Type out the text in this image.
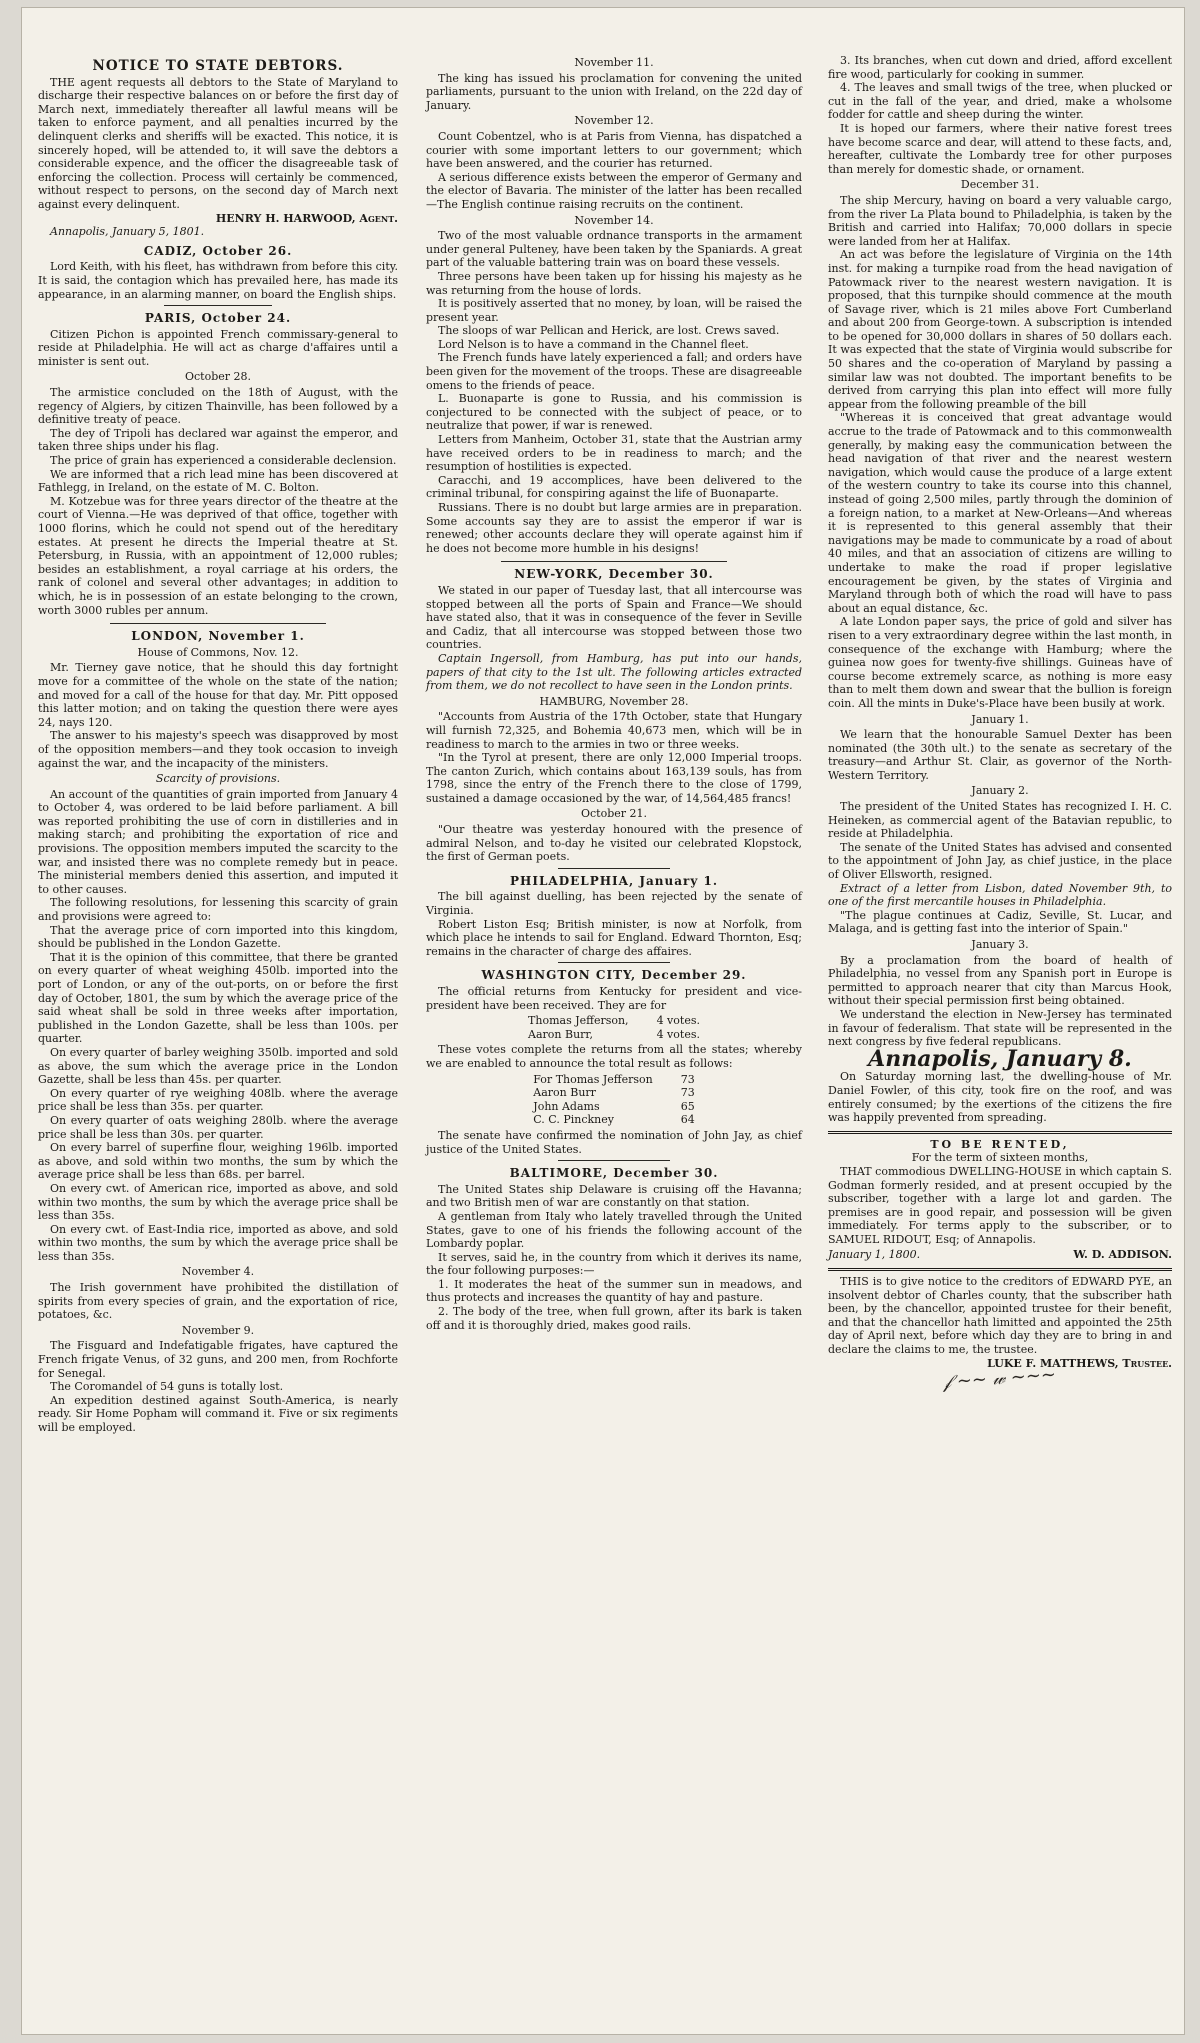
NOTICE TO STATE DEBTORS.

THE agent requests all debtors to the State of Maryland to discharge their respective balances on or before the first day of March next, immediately thereafter all lawful means will be taken to enforce payment, and all penalties incurred by the delinquent clerks and sheriffs will be exacted. This notice, it is sincerely hoped, will be attended to, it will save the debtors a considerable expence, and the officer the disagreeable task of enforcing the collection. Process will certainly be commenced, without respect to persons, on the second day of March next against every delinquent.

HENRY H. HARWOOD, Agent.

Annapolis, January 5, 1801.

CADIZ, October 26.

Lord Keith, with his fleet, has withdrawn from before this city. It is said, the contagion which has prevailed here, has made its appearance, in an alarming manner, on board the English ships.

PARIS, October 24.

Citizen Pichon is appointed French commissary-general to reside at Philadelphia. He will act as charge d'affaires until a minister is sent out.

October 28.

The armistice concluded on the 18th of August, with the regency of Algiers, by citizen Thainville, has been followed by a definitive treaty of peace.

The dey of Tripoli has declared war against the emperor, and taken three ships under his flag.

The price of grain has experienced a considerable declension.

We are informed that a rich lead mine has been discovered at Fathlegg, in Ireland, on the estate of M. C. Bolton.

M. Kotzebue was for three years director of the theatre at the court of Vienna.—He was deprived of that office, together with 1000 florins, which he could not spend out of the hereditary estates. At present he directs the Imperial theatre at St. Petersburg, in Russia, with an appointment of 12,000 rubles; besides an establishment, a royal carriage at his orders, the rank of colonel and several other advantages; in addition to which, he is in possession of an estate belonging to the crown, worth 3000 rubles per annum.

LONDON, November 1.
House of Commons, Nov. 12.

Mr. Tierney gave notice, that he should this day fortnight move for a committee of the whole on the state of the nation; and moved for a call of the house for that day. Mr. Pitt opposed this latter motion; and on taking the question there were ayes 24, nays 120.

The answer to his majesty's speech was disapproved by most of the opposition members—and they took occasion to inveigh against the war, and the incapacity of the ministers.

Scarcity of provisions.

An account of the quantities of grain imported from January 4 to October 4, was ordered to be laid before parliament. A bill was reported prohibiting the use of corn in distilleries and in making starch; and prohibiting the exportation of rice and provisions. The opposition members imputed the scarcity to the war, and insisted there was no complete remedy but in peace. The ministerial members denied this assertion, and imputed it to other causes.

The following resolutions, for lessening this scarcity of grain and provisions were agreed to:

That the average price of corn imported into this kingdom, should be published in the London Gazette.

That it is the opinion of this committee, that there be granted on every quarter of wheat weighing 450lb. imported into the port of London, or any of the out-ports, on or before the first day of October, 1801, the sum by which the average price of the said wheat shall be sold in three weeks after importation, published in the London Gazette, shall be less than 100s. per quarter.

On every quarter of barley weighing 350lb. imported and sold as above, the sum which the average price in the London Gazette, shall be less than 45s. per quarter.

On every quarter of rye weighing 408lb. where the average price shall be less than 35s. per quarter.

On every quarter of oats weighing 280lb. where the average price shall be less than 30s. per quarter.

On every barrel of superfine flour, weighing 196lb. imported as above, and sold within two months, the sum by which the average price shall be less than 68s. per barrel.

On every cwt. of American rice, imported as above, and sold within two months, the sum by which the average price shall be less than 35s.

On every cwt. of East-India rice, imported as above, and sold within two months, the sum by which the average price shall be less than 35s.

November 4.

The Irish government have prohibited the distillation of spirits from every species of grain, and the exportation of rice, potatoes, &c.

November 9.

The Fisguard and Indefatigable frigates, have captured the French frigate Venus, of 32 guns, and 200 men, from Rochforte for Senegal.

The Coromandel of 54 guns is totally lost.

An expedition destined against South-America, is nearly ready. Sir Home Popham will command it. Five or six regiments will be employed.

November 11.

The king has issued his proclamation for convening the united parliaments, pursuant to the union with Ireland, on the 22d day of January.

November 12.

Count Cobentzel, who is at Paris from Vienna, has dispatched a courier with some important letters to our government; which have been answered, and the courier has returned.

A serious difference exists between the emperor of Germany and the elector of Bavaria. The minister of the latter has been recalled—The English continue raising recruits on the continent.

November 14.

Two of the most valuable ordnance transports in the armament under general Pulteney, have been taken by the Spaniards. A great part of the valuable battering train was on board these vessels.

Three persons have been taken up for hissing his majesty as he was returning from the house of lords.

It is positively asserted that no money, by loan, will be raised the present year.

The sloops of war Pellican and Herick, are lost. Crews saved.

Lord Nelson is to have a command in the Channel fleet.

The French funds have lately experienced a fall; and orders have been given for the movement of the troops. These are disagreeable omens to the friends of peace.

L. Buonaparte is gone to Russia, and his commission is conjectured to be connected with the subject of peace, or to neutralize that power, if war is renewed.

Letters from Manheim, October 31, state that the Austrian army have received orders to be in readiness to march; and the resumption of hostilities is expected.

Caracchi, and 19 accomplices, have been delivered to the criminal tribunal, for conspiring against the life of Buonaparte.

Russians. There is no doubt but large armies are in preparation. Some accounts say they are to assist the emperor if war is renewed; other accounts declare they will operate against him if he does not become more humble in his designs!

NEW-YORK, December 30.

We stated in our paper of Tuesday last, that all intercourse was stopped between all the ports of Spain and France—We should have stated also, that it was in consequence of the fever in Seville and Cadiz, that all intercourse was stopped between those two countries.

Captain Ingersoll, from Hamburg, has put into our hands, papers of that city to the 1st ult. The following articles extracted from them, we do not recollect to have seen in the London prints.

HAMBURG, November 28.

"Accounts from Austria of the 17th October, state that Hungary will furnish 72,325, and Bohemia 40,673 men, which will be in readiness to march to the armies in two or three weeks.

"In the Tyrol at present, there are only 12,000 Imperial troops. The canton Zurich, which contains about 163,139 souls, has from 1798, since the entry of the French there to the close of 1799, sustained a damage occasioned by the war, of 14,564,485 francs!

October 21.

"Our theatre was yesterday honoured with the presence of admiral Nelson, and to-day he visited our celebrated Klopstock, the first of German poets.

PHILADELPHIA, January 1.

The bill against duelling, has been rejected by the senate of Virginia.

Robert Liston Esq; British minister, is now at Norfolk, from which place he intends to sail for England. Edward Thornton, Esq; remains in the character of charge des affaires.

WASHINGTON CITY, December 29.

The official returns from Kentucky for president and vice-president have been received. They are for

Thomas Jefferson,	4 votes.
Aaron Burr,	4 votes.

These votes complete the returns from all the states; whereby we are enabled to announce the total result as follows:

For Thomas Jefferson	73
Aaron Burr	73
John Adams	65
C. C. Pinckney	64

The senate have confirmed the nomination of John Jay, as chief justice of the United States.

BALTIMORE, December 30.

The United States ship Delaware is cruising off the Havanna; and two British men of war are constantly on that station.

A gentleman from Italy who lately travelled through the United States, gave to one of his friends the following account of the Lombardy poplar.

It serves, said he, in the country from which it derives its name, the four following purposes:—

1. It moderates the heat of the summer sun in meadows, and thus protects and increases the quantity of hay and pasture.

2. The body of the tree, when full grown, after its bark is taken off and it is thoroughly dried, makes good rails.

3. Its branches, when cut down and dried, afford excellent fire wood, particularly for cooking in summer.

4. The leaves and small twigs of the tree, when plucked or cut in the fall of the year, and dried, make a wholsome fodder for cattle and sheep during the winter.

It is hoped our farmers, where their native forest trees have become scarce and dear, will attend to these facts, and, hereafter, cultivate the Lombardy tree for other purposes than merely for domestic shade, or ornament.

December 31.

The ship Mercury, having on board a very valuable cargo, from the river La Plata bound to Philadelphia, is taken by the British and carried into Halifax; 70,000 dollars in specie were landed from her at Halifax.

An act was before the legislature of Virginia on the 14th inst. for making a turnpike road from the head navigation of Patowmack river to the nearest western navigation. It is proposed, that this turnpike should commence at the mouth of Savage river, which is 21 miles above Fort Cumberland and about 200 from George-town. A subscription is intended to be opened for 30,000 dollars in shares of 50 dollars each. It was expected that the state of Virginia would subscribe for 50 shares and the co-operation of Maryland by passing a similar law was not doubted. The important benefits to be derived from carrying this plan into effect will more fully appear from the following preamble of the bill

"Whereas it is conceived that great advantage would accrue to the trade of Patowmack and to this commonwealth generally, by making easy the communication between the head navigation of that river and the nearest western navigation, which would cause the produce of a large extent of the western country to take its course into this channel, instead of going 2,500 miles, partly through the dominion of a foreign nation, to a market at New-Orleans—And whereas it is represented to this general assembly that their navigations may be made to communicate by a road of about 40 miles, and that an association of citizens are willing to undertake to make the road if proper legislative encouragement be given, by the states of Virginia and Maryland through both of which the road will have to pass about an equal distance, &c.

A late London paper says, the price of gold and silver has risen to a very extraordinary degree within the last month, in consequence of the exchange with Hamburg; where the guinea now goes for twenty-five shillings. Guineas have of course become extremely scarce, as nothing is more easy than to melt them down and swear that the bullion is foreign coin. All the mints in Duke's-Place have been busily at work.

January 1.

We learn that the honourable Samuel Dexter has been nominated (the 30th ult.) to the senate as secretary of the treasury—and Arthur St. Clair, as governor of the North-Western Territory.

January 2.

The president of the United States has recognized I. H. C. Heineken, as commercial agent of the Batavian republic, to reside at Philadelphia.

The senate of the United States has advised and consented to the appointment of John Jay, as chief justice, in the place of Oliver Ellsworth, resigned.

Extract of a letter from Lisbon, dated November 9th, to one of the first mercantile houses in Philadelphia.

"The plague continues at Cadiz, Seville, St. Lucar, and Malaga, and is getting fast into the interior of Spain."

January 3.

By a proclamation from the board of health of Philadelphia, no vessel from any Spanish port in Europe is permitted to approach nearer that city than Marcus Hook, without their special permission first being obtained.

We understand the election in New-Jersey has terminated in favour of federalism. That state will be represented in the next congress by five federal republicans.

Annapolis, January 8.

On Saturday morning last, the dwelling-house of Mr. Daniel Fowler, of this city, took fire on the roof, and was entirely consumed; by the exertions of the citizens the fire was happily prevented from spreading.

TO BE RENTED,
For the term of sixteen months,

THAT commodious DWELLING-HOUSE in which captain S. Godman formerly resided, and at present occupied by the subscriber, together with a large lot and garden. The premises are in good repair, and possession will be given immediately. For terms apply to the subscriber, or to SAMUEL RIDOUT, Esq; of Annapolis.

January 1, 1800.	W. D. ADDISON.

THIS is to give notice to the creditors of EDWARD PYE, an insolvent debtor of Charles county, that the subscriber hath been, by the chancellor, appointed trustee for their benefit, and that the chancellor hath limitted and appointed the 25th day of April next, before which day they are to bring in and declare the claims to me, the trustee.

LUKE F. MATTHEWS, Trustee.
𝒻 ~~ 𝓌 ~~~
